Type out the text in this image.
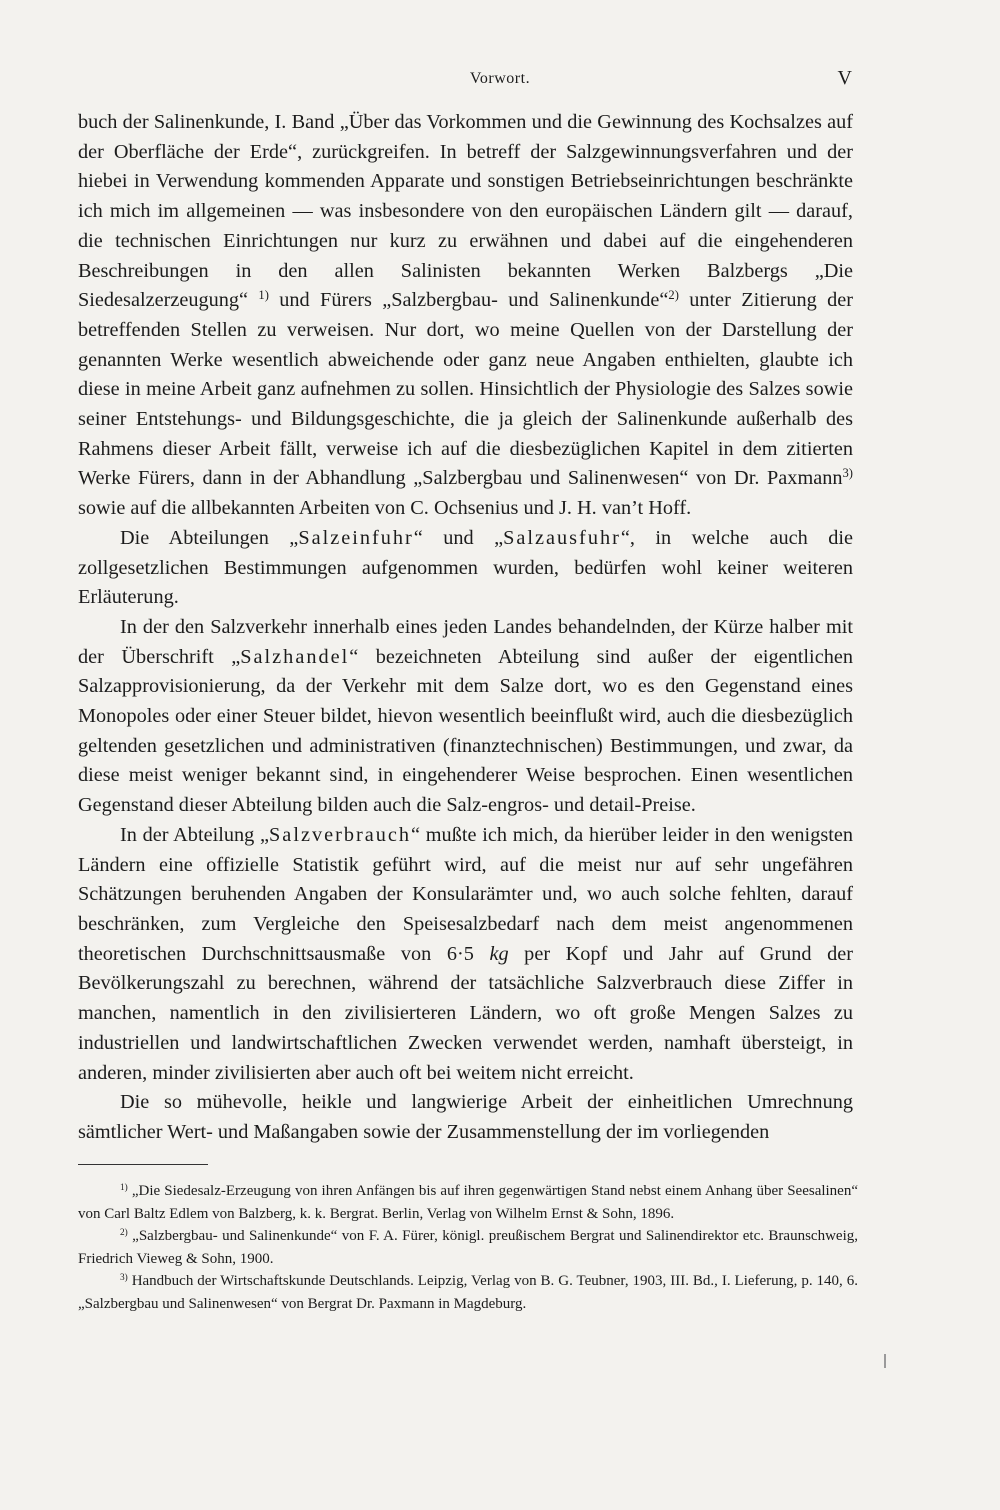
Vorwort.	V

buch der Salinenkunde, I. Band „Über das Vorkommen und die Gewinnung des Kochsalzes auf der Oberfläche der Erde“, zurückgreifen. In betreff der Salzgewinnungsverfahren und der hiebei in Verwendung kommenden Apparate und sonstigen Betriebseinrichtungen beschränkte ich mich im allgemeinen — was insbesondere von den europäischen Ländern gilt — darauf, die technischen Einrichtungen nur kurz zu erwähnen und dabei auf die eingehenderen Beschreibungen in den allen Salinisten bekannten Werken Balzbergs „Die Siedesalzerzeugung“ $^{1)}$ und Fürers „Salzbergbau- und Salinenkunde“$^{2)}$ unter Zitierung der betreffenden Stellen zu verweisen. Nur dort, wo meine Quellen von der Darstellung der genannten Werke wesentlich abweichende oder ganz neue Angaben enthielten, glaubte ich diese in meine Arbeit ganz aufnehmen zu sollen. Hinsichtlich der Physiologie des Salzes sowie seiner Entstehungs- und Bildungsgeschichte, die ja gleich der Salinenkunde außerhalb des Rahmens dieser Arbeit fällt, verweise ich auf die diesbezüglichen Kapitel in dem zitierten Werke Fürers, dann in der Abhandlung „Salzbergbau und Salinenwesen“ von Dr. Paxmann$^{3)}$ sowie auf die allbekannten Arbeiten von C. Ochsenius und J. H. van’t Hoff.

Die Abteilungen „Salzeinfuhr“ und „Salzausfuhr“, in welche auch die zollgesetzlichen Bestimmungen aufgenommen wurden, bedürfen wohl keiner weiteren Erläuterung.

In der den Salzverkehr innerhalb eines jeden Landes behandelnden, der Kürze halber mit der Überschrift „Salzhandel“ bezeichneten Abteilung sind außer der eigentlichen Salzapprovisionierung, da der Verkehr mit dem Salze dort, wo es den Gegenstand eines Monopoles oder einer Steuer bildet, hievon wesentlich beeinflußt wird, auch die diesbezüglich geltenden gesetzlichen und administrativen (finanztechnischen) Bestimmungen, und zwar, da diese meist weniger bekannt sind, in eingehenderer Weise besprochen. Einen wesentlichen Gegenstand dieser Abteilung bilden auch die Salz-engros- und detail-Preise.

In der Abteilung „Salzverbrauch“ mußte ich mich, da hierüber leider in den wenigsten Ländern eine offizielle Statistik geführt wird, auf die meist nur auf sehr ungefähren Schätzungen beruhenden Angaben der Konsularämter und, wo auch solche fehlten, darauf beschränken, zum Vergleiche den Speisesalzbedarf nach dem meist angenommenen theoretischen Durchschnittsausmaße von 6·5 kg per Kopf und Jahr auf Grund der Bevölkerungszahl zu berechnen, während der tatsächliche Salzverbrauch diese Ziffer in manchen, namentlich in den zivilisierteren Ländern, wo oft große Mengen Salzes zu industriellen und landwirtschaftlichen Zwecken verwendet werden, namhaft übersteigt, in anderen, minder zivilisierten aber auch oft bei weitem nicht erreicht.

Die so mühevolle, heikle und langwierige Arbeit der einheitlichen Umrechnung sämtlicher Wert- und Maßangaben sowie der Zusammenstellung der im vorliegenden

$^{1)}$ „Die Siedesalz-Erzeugung von ihren Anfängen bis auf ihren gegenwärtigen Stand nebst einem Anhang über Seesalinen“ von Carl Baltz Edlem von Balzberg, k. k. Bergrat. Berlin, Verlag von Wilhelm Ernst & Sohn, 1896.

$^{2)}$ „Salzbergbau- und Salinenkunde“ von F. A. Fürer, königl. preußischem Bergrat und Salinendirektor etc. Braunschweig, Friedrich Vieweg & Sohn, 1900.

$^{3)}$ Handbuch der Wirtschaftskunde Deutschlands. Leipzig, Verlag von B. G. Teubner, 1903, III. Bd., I. Lieferung, p. 140, 6. „Salzbergbau und Salinenwesen“ von Bergrat Dr. Paxmann in Magdeburg.
